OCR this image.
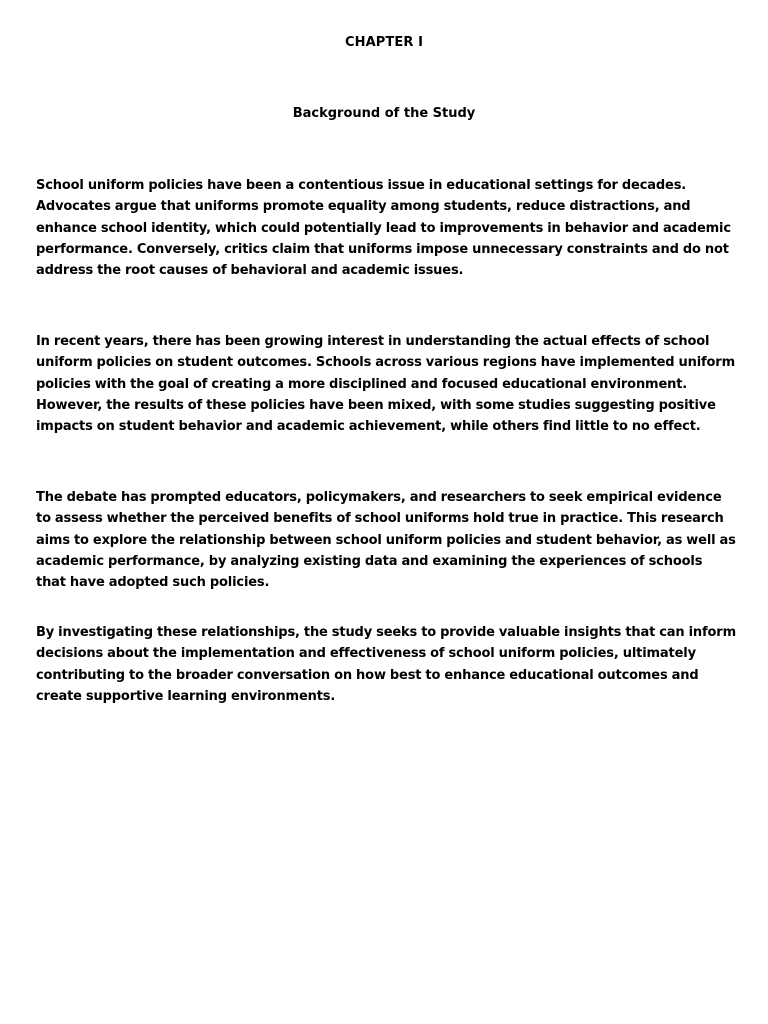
CHAPTER I
Background of the Study

School uniform policies have been a contentious issue in educational settings for decades. Advocates argue that uniforms promote equality among students, reduce distractions, and enhance school identity, which could potentially lead to improvements in behavior and academic performance. Conversely, critics claim that uniforms impose unnecessary constraints and do not address the root causes of behavioral and academic issues.

In recent years, there has been growing interest in understanding the actual effects of school uniform policies on student outcomes. Schools across various regions have implemented uniform policies with the goal of creating a more disciplined and focused educational environment. However, the results of these policies have been mixed, with some studies suggesting positive impacts on student behavior and academic achievement, while others find little to no effect.

The debate has prompted educators, policymakers, and researchers to seek empirical evidence to assess whether the perceived benefits of school uniforms hold true in practice. This research aims to explore the relationship between school uniform policies and student behavior, as well as academic performance, by analyzing existing data and examining the experiences of schools that have adopted such policies.

By investigating these relationships, the study seeks to provide valuable insights that can inform decisions about the implementation and effectiveness of school uniform policies, ultimately contributing to the broader conversation on how best to enhance educational outcomes and create supportive learning environments.
